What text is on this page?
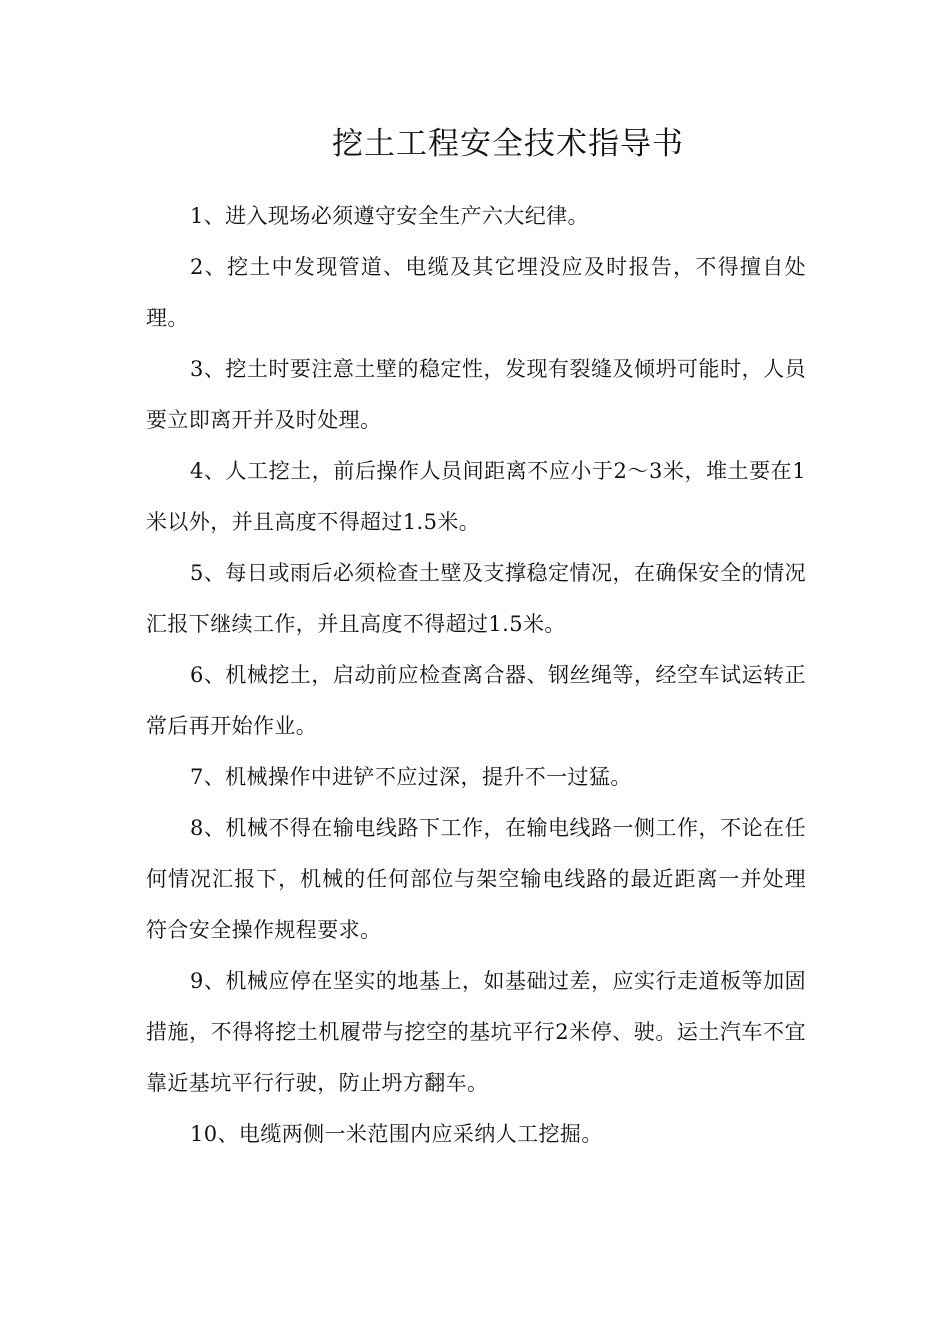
挖土工程安全技术指导书

1、进入现场必须遵守安全生产六大纪律。

2、挖土中发现管道、电缆及其它埋没应及时报告，不得擅自处理。

3、挖土时要注意土壁的稳定性，发现有裂缝及倾坍可能时，人员要立即离开并及时处理。

4、人工挖土，前后操作人员间距离不应小于2～3米，堆土要在1米以外，并且高度不得超过1.5米。

5、每日或雨后必须检查土壁及支撑稳定情况，在确保安全的情况汇报下继续工作，并且高度不得超过1.5米。

6、机械挖土，启动前应检查离合器、钢丝绳等，经空车试运转正常后再开始作业。

7、机械操作中进铲不应过深，提升不一过猛。

8、机械不得在输电线路下工作，在输电线路一侧工作，不论在任何情况汇报下，机械的任何部位与架空输电线路的最近距离一并处理符合安全操作规程要求。

9、机械应停在坚实的地基上，如基础过差，应实行走道板等加固措施，不得将挖土机履带与挖空的基坑平行2米停、驶。运土汽车不宜靠近基坑平行行驶，防止坍方翻车。

10、电缆两侧一米范围内应采纳人工挖掘。
